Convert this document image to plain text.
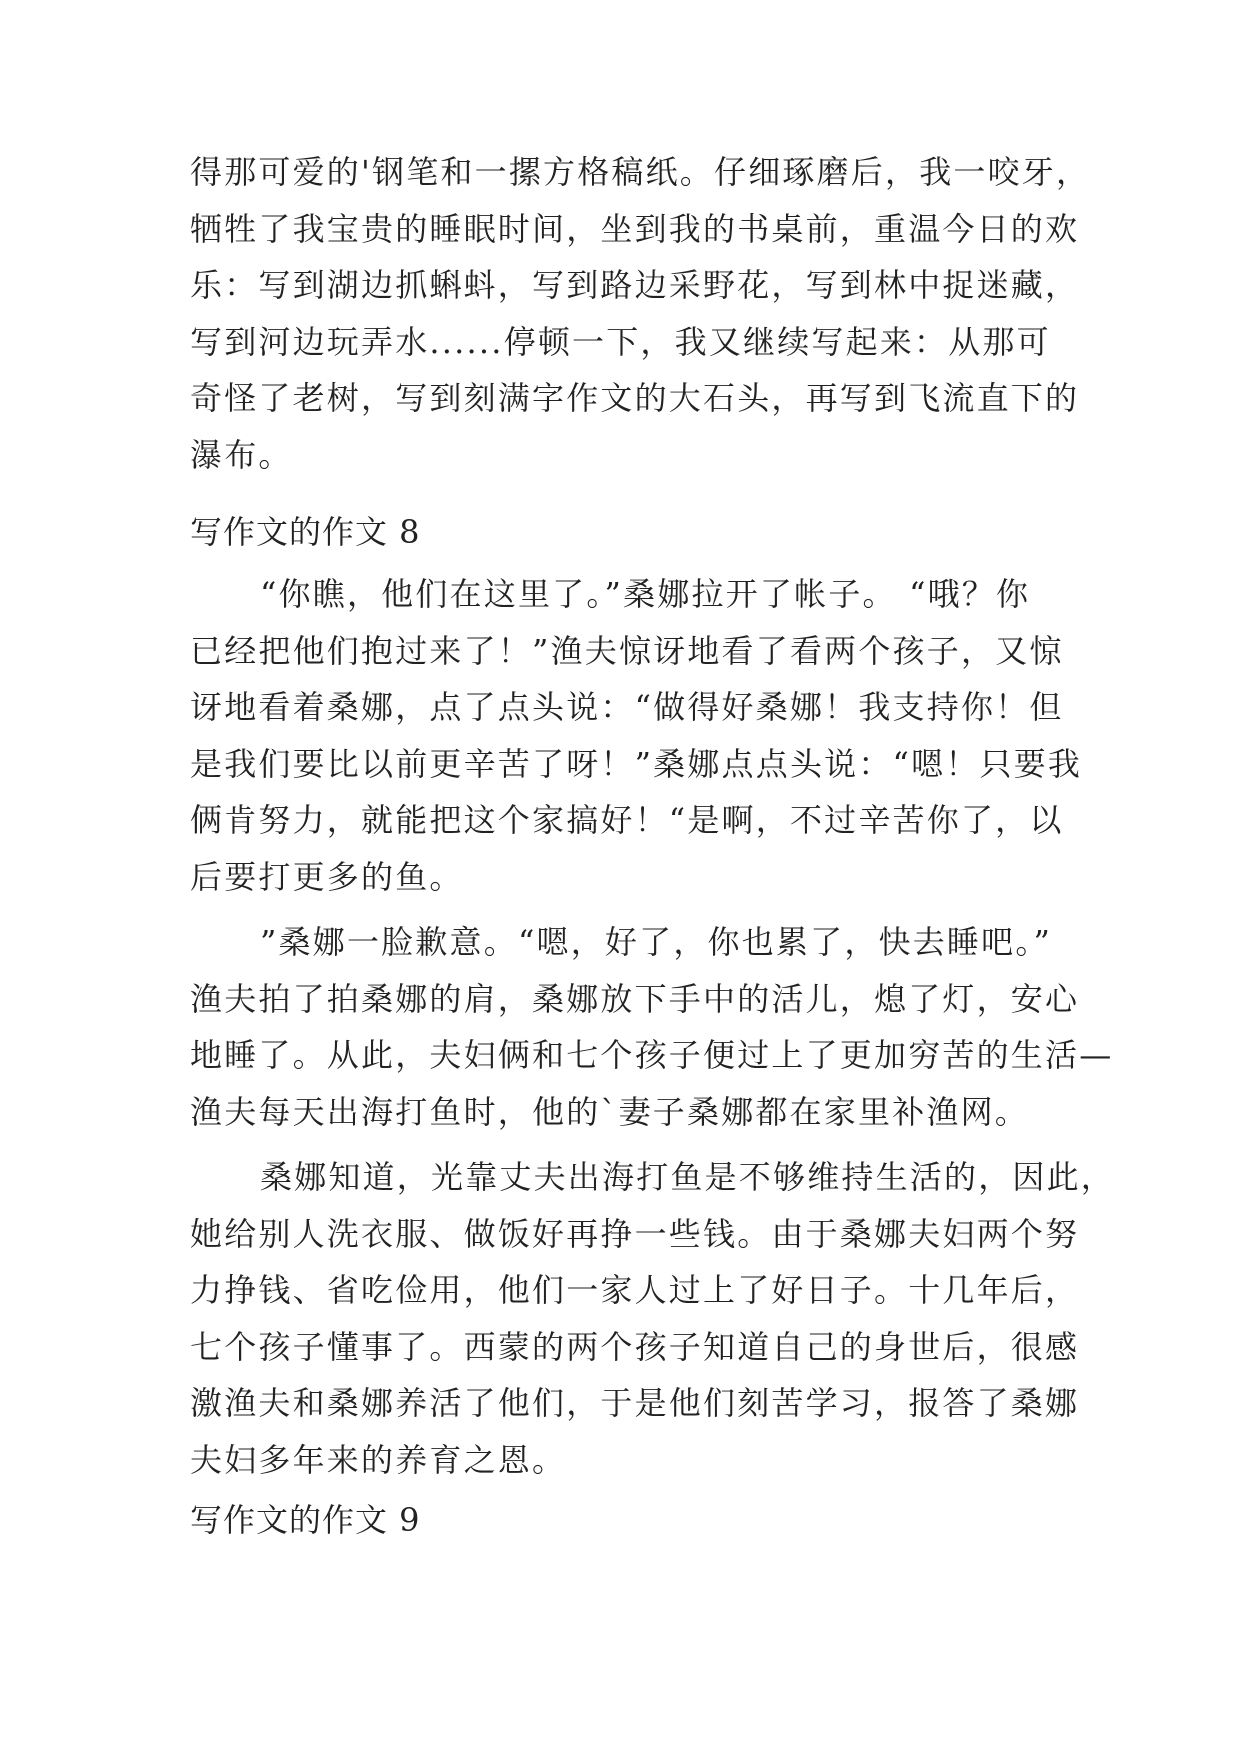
得那可爱的'钢笔和一摞方格稿纸。仔细琢磨后，我一咬牙，
牺牲了我宝贵的睡眠时间，坐到我的书桌前，重温今日的欢
乐：写到湖边抓蝌蚪，写到路边采野花，写到林中捉迷藏，
写到河边玩弄水......停顿一下，我又继续写起来：从那可
奇怪了老树，写到刻满字作文的大石头，再写到飞流直下的
瀑布。
写作文的作文 8
“你瞧，他们在这里了。”桑娜拉开了帐子。 “哦？你
已经把他们抱过来了！”渔夫惊讶地看了看两个孩子，又惊
讶地看着桑娜，点了点头说：“做得好桑娜！我支持你！但
是我们要比以前更辛苦了呀！”桑娜点点头说：“嗯！只要我
俩肯努力，就能把这个家搞好！“是啊，不过辛苦你了，以
后要打更多的鱼。
”桑娜一脸歉意。“嗯，好了，你也累了，快去睡吧。”
渔夫拍了拍桑娜的肩，桑娜放下手中的活儿，熄了灯，安心
地睡了。从此，夫妇俩和七个孩子便过上了更加穷苦的生活—
渔夫每天出海打鱼时，他的`妻子桑娜都在家里补渔网。
桑娜知道，光靠丈夫出海打鱼是不够维持生活的，因此，
她给别人洗衣服、做饭好再挣一些钱。由于桑娜夫妇两个努
力挣钱、省吃俭用，他们一家人过上了好日子。十几年后，
七个孩子懂事了。西蒙的两个孩子知道自己的身世后，很感
激渔夫和桑娜养活了他们，于是他们刻苦学习，报答了桑娜
夫妇多年来的养育之恩。
写作文的作文 9
